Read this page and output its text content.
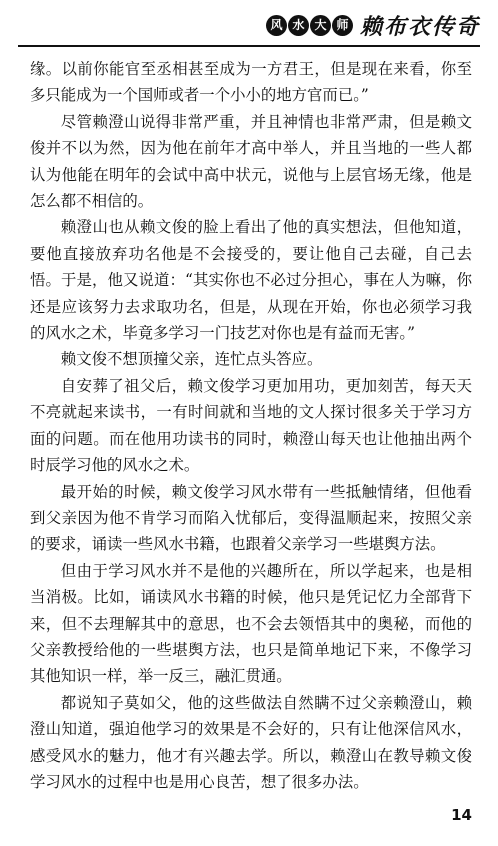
风 水 大 师 赖布衣传奇

缘。以前你能官至丞相甚至成为一方君王，但是现在来看，你至多只能成为一个国师或者一个小小的地方官而已。”

尽管赖澄山说得非常严重，并且神情也非常严肃，但是赖文俊并不以为然，因为他在前年才高中举人，并且当地的一些人都认为他能在明年的会试中高中状元，说他与上层官场无缘，他是怎么都不相信的。

赖澄山也从赖文俊的脸上看出了他的真实想法，但他知道，要他直接放弃功名他是不会接受的，要让他自己去碰，自己去悟。于是，他又说道：“其实你也不必过分担心，事在人为嘛，你还是应该努力去求取功名，但是，从现在开始，你也必须学习我的风水之术，毕竟多学习一门技艺对你也是有益而无害。”

赖文俊不想顶撞父亲，连忙点头答应。

自安葬了祖父后，赖文俊学习更加用功，更加刻苦，每天天不亮就起来读书，一有时间就和当地的文人探讨很多关于学习方面的问题。而在他用功读书的同时，赖澄山每天也让他抽出两个时辰学习他的风水之术。

最开始的时候，赖文俊学习风水带有一些抵触情绪，但他看到父亲因为他不肯学习而陷入忧郁后，变得温顺起来，按照父亲的要求，诵读一些风水书籍，也跟着父亲学习一些堪舆方法。

但由于学习风水并不是他的兴趣所在，所以学起来，也是相当消极。比如，诵读风水书籍的时候，他只是凭记忆力全部背下来，但不去理解其中的意思，也不会去领悟其中的奥秘，而他的父亲教授给他的一些堪舆方法，也只是简单地记下来，不像学习其他知识一样，举一反三，融汇贯通。

都说知子莫如父，他的这些做法自然瞒不过父亲赖澄山，赖澄山知道，强迫他学习的效果是不会好的，只有让他深信风水，感受风水的魅力，他才有兴趣去学。所以，赖澄山在教导赖文俊学习风水的过程中也是用心良苦，想了很多办法。

14
